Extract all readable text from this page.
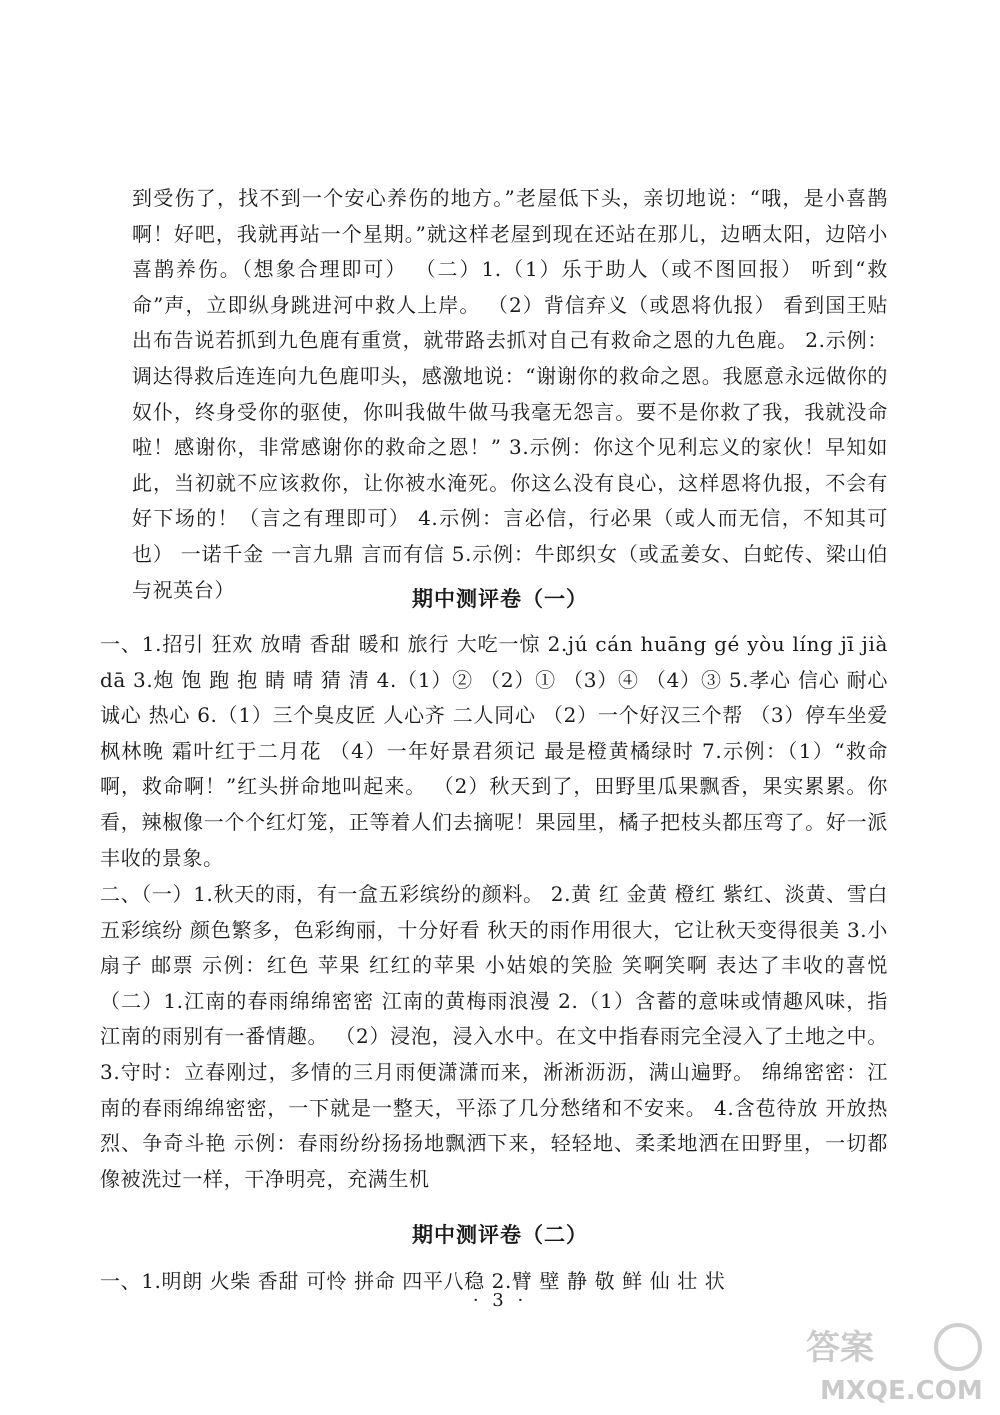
到受伤了，找不到一个安心养伤的地方。”老屋低下头，亲切地说：“哦，是小喜鹊啊！好吧，我就再站一个星期。”就这样老屋到现在还站在那儿，边晒太阳，边陪小喜鹊养伤。（想象合理即可） （二）1.（1）乐于助人（或不图回报） 听到“救命”声，立即纵身跳进河中救人上岸。 （2）背信弃义（或恩将仇报） 看到国王贴出布告说若抓到九色鹿有重赏，就带路去抓对自己有救命之恩的九色鹿。 2.示例：调达得救后连连向九色鹿叩头，感激地说：“谢谢你的救命之恩。我愿意永远做你的奴仆，终身受你的驱使，你叫我做牛做马我毫无怨言。要不是你救了我，我就没命啦！感谢你，非常感谢你的救命之恩！” 3.示例：你这个见利忘义的家伙！早知如此，当初就不应该救你，让你被水淹死。你这么没有良心，这样恩将仇报，不会有好下场的！（言之有理即可） 4.示例：言必信，行必果（或人而无信，不知其可也） 一诺千金 一言九鼎 言而有信 5.示例：牛郎织女（或孟姜女、白蛇传、梁山伯与祝英台）	期中测评卷（一）

一、1.招引 狂欢 放晴 香甜 暖和 旅行 大吃一惊 2.jú cán huāng gé yòu líng jī jià dā 3.炮 饱 跑 抱 睛 晴 猜 清 4.（1）② （2）① （3）④ （4）③ 5.孝心 信心 耐心 诚心 热心 6.（1）三个臭皮匠 人心齐 二人同心 （2）一个好汉三个帮 （3）停车坐爱枫林晚 霜叶红于二月花 （4）一年好景君须记 最是橙黄橘绿时 7.示例：（1）“救命啊，救命啊！”红头拼命地叫起来。 （2）秋天到了，田野里瓜果飘香，果实累累。你看，辣椒像一个个红灯笼，正等着人们去摘呢！果园里，橘子把枝头都压弯了。好一派丰收的景象。

二、（一）1.秋天的雨，有一盒五彩缤纷的颜料。 2.黄 红 金黄 橙红 紫红、淡黄、雪白 五彩缤纷 颜色繁多，色彩绚丽，十分好看 秋天的雨作用很大，它让秋天变得很美 3.小扇子 邮票 示例：红色 苹果 红红的苹果 小姑娘的笑脸 笑啊笑啊 表达了丰收的喜悦 （二）1.江南的春雨绵绵密密 江南的黄梅雨浪漫 2.（1）含蓄的意味或情趣风味，指江南的雨别有一番情趣。 （2）浸泡，浸入水中。在文中指春雨完全浸入了土地之中。 3.守时：立春刚过，多情的三月雨便潇潇而来，淅淅沥沥，满山遍野。 绵绵密密：江南的春雨绵绵密密，一下就是一整天，平添了几分愁绪和不安来。 4.含苞待放 开放热烈、争奇斗艳 示例：春雨纷纷扬扬地飘洒下来，轻轻地、柔柔地洒在田野里，一切都像被洗过一样，干净明亮，充满生机

期中测评卷（二）

一、1.明朗 火柴 香甜 可怜 拼命 四平八稳 2.臂 壁 静 敬 鲜 仙 壮 状

· 3 ·
答案
MXQE.COM
